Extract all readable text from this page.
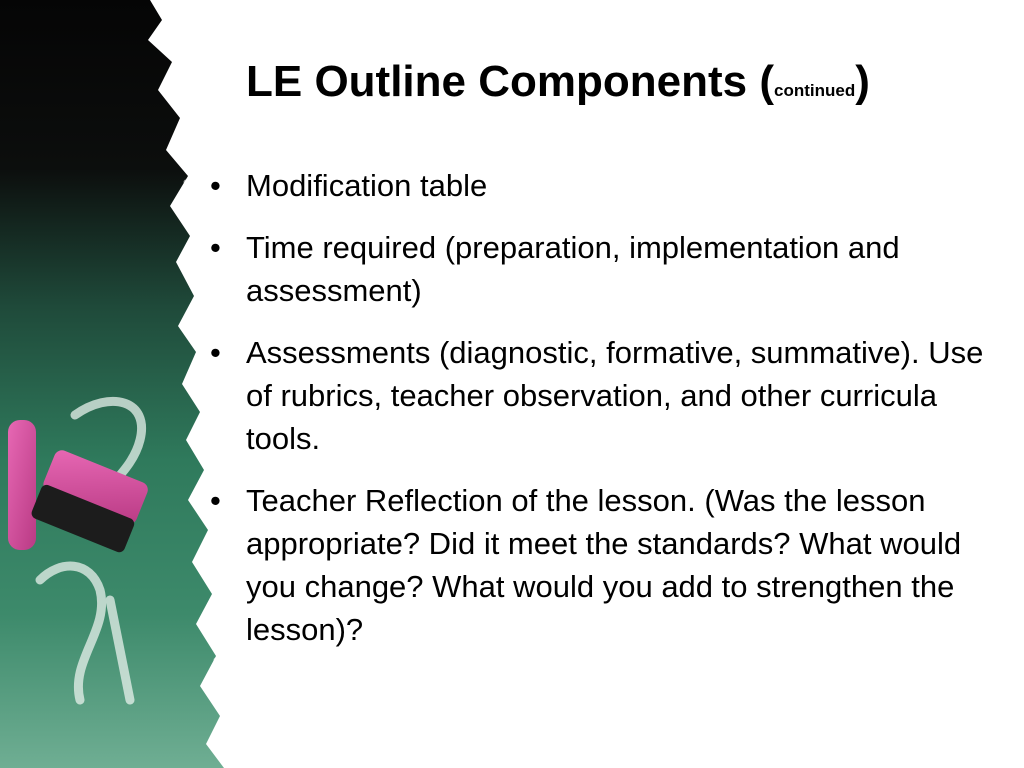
LE Outline Components (continued)
• Modification table
• Time required (preparation, implementation and assessment)
• Assessments (diagnostic, formative, summative). Use of rubrics, teacher observation, and other curricula tools.
• Teacher Reflection of the lesson. (Was the lesson appropriate? Did it meet the standards? What would you change? What would you add to strengthen the lesson)?
